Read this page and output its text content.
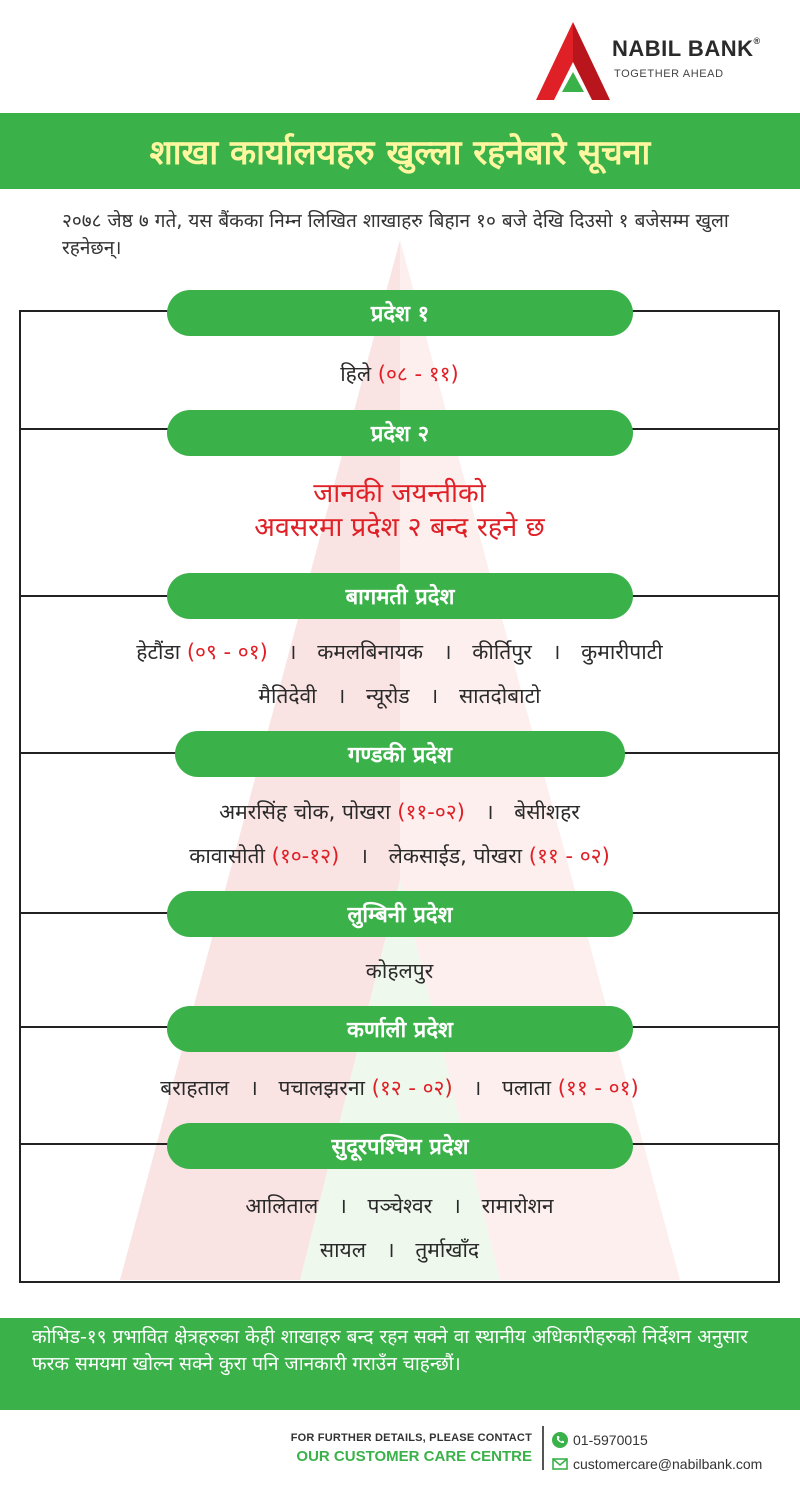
NABIL BANK®
TOGETHER AHEAD
शाखा कार्यालयहरु खुल्ला रहनेबारे सूचना
२०७८ जेष्ठ ७ गते, यस बैंकका निम्न लिखित शाखाहरु बिहान १० बजे देखि दिउसो १ बजेसम्म खुला रहनेछन्।
प्रदेश १
हिले (०८ - ११)
प्रदेश २
जानकी जयन्तीको
अवसरमा प्रदेश २ बन्द रहने छ
बागमती प्रदेश
हेटौंडा (०९ - ०१) । कमलबिनायक । कीर्तिपुर । कुमारीपाटी
मैतिदेवी । न्यूरोड । सातदोबाटो
गण्डकी प्रदेश
अमरसिंह चोक, पोखरा (११-०२) । बेसीशहर
कावासोती (१०-१२) । लेकसाईड, पोखरा (११ - ०२)
लुम्बिनी प्रदेश
कोहलपुर
कर्णाली प्रदेश
बराहताल । पचालझरना (१२ - ०२) । पलाता (११ - ०१)
सुदूरपश्चिम प्रदेश
आलिताल । पञ्चेश्वर । रामारोशन
सायल । तुर्माखाँद
कोभिड-१९ प्रभावित क्षेत्रहरुका केही शाखाहरु बन्द रहन सक्ने वा स्थानीय अधिकारीहरुको निर्देशन अनुसार फरक समयमा खोल्न सक्ने कुरा पनि जानकारी गराउँन चाहन्छौं।
FOR FURTHER DETAILS, PLEASE CONTACT
OUR CUSTOMER CARE CENTRE
01-5970015
customercare@nabilbank.com
